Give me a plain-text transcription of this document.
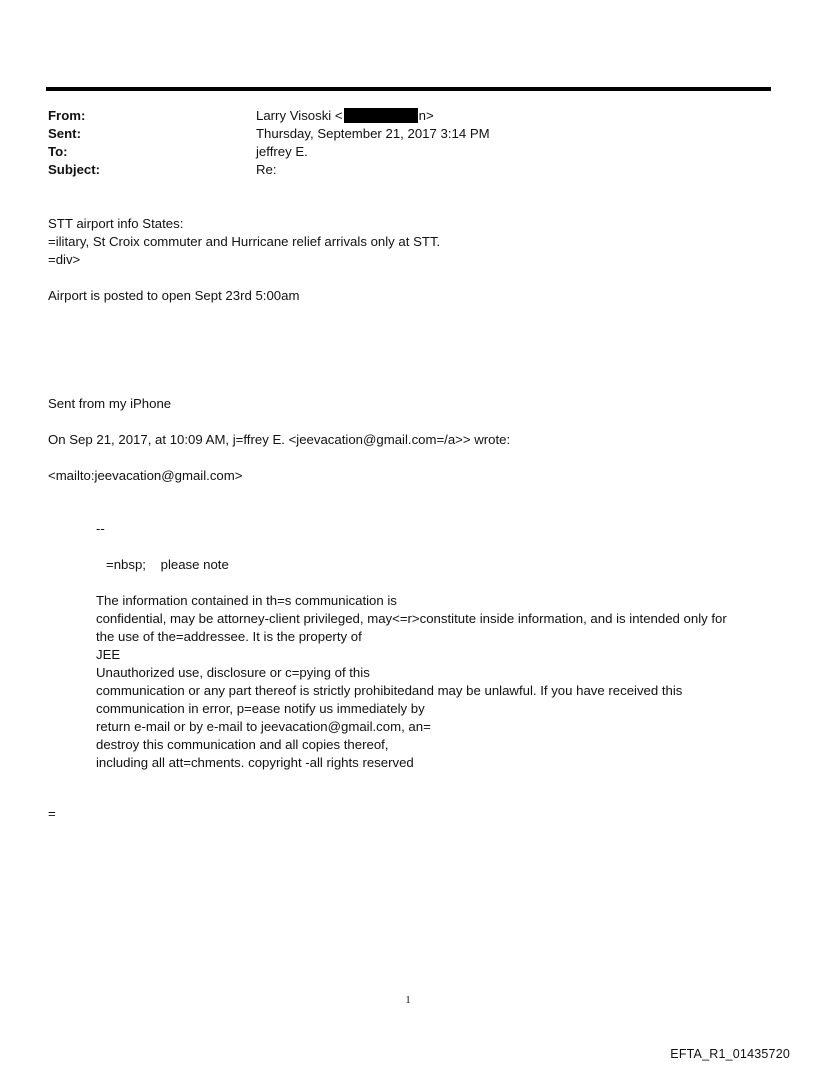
From:	Larry Visoski <	n>
Sent:	Thursday, September 21, 2017 3:14 PM
To:	jeffrey E.
Subject:	Re:
STT airport info States:
=ilitary, St Croix commuter and Hurricane relief arrivals only at STT.
=div>
Airport is posted to open Sept 23rd 5:00am
Sent from my iPhone
On Sep 21, 2017, at 10:09 AM, j=ffrey E. <jeevacation@gmail.com=/a>> wrote:
<mailto:jeevacation@gmail.com>
--
=nbsp;    please note
The information contained in th=s communication is
confidential, may be attorney-client privileged, may<=r>constitute inside information, and is intended only for
the use of the=addressee. It is the property of
JEE
Unauthorized use, disclosure or c=pying of this
communication or any part thereof is strictly prohibitedand may be unlawful. If you have received this
communication in error, p=ease notify us immediately by
return e-mail or by e-mail to jeevacation@gmail.com, an=
destroy this communication and all copies thereof,
including all att=chments. copyright -all rights reserved
=
1
EFTA_R1_01435720
